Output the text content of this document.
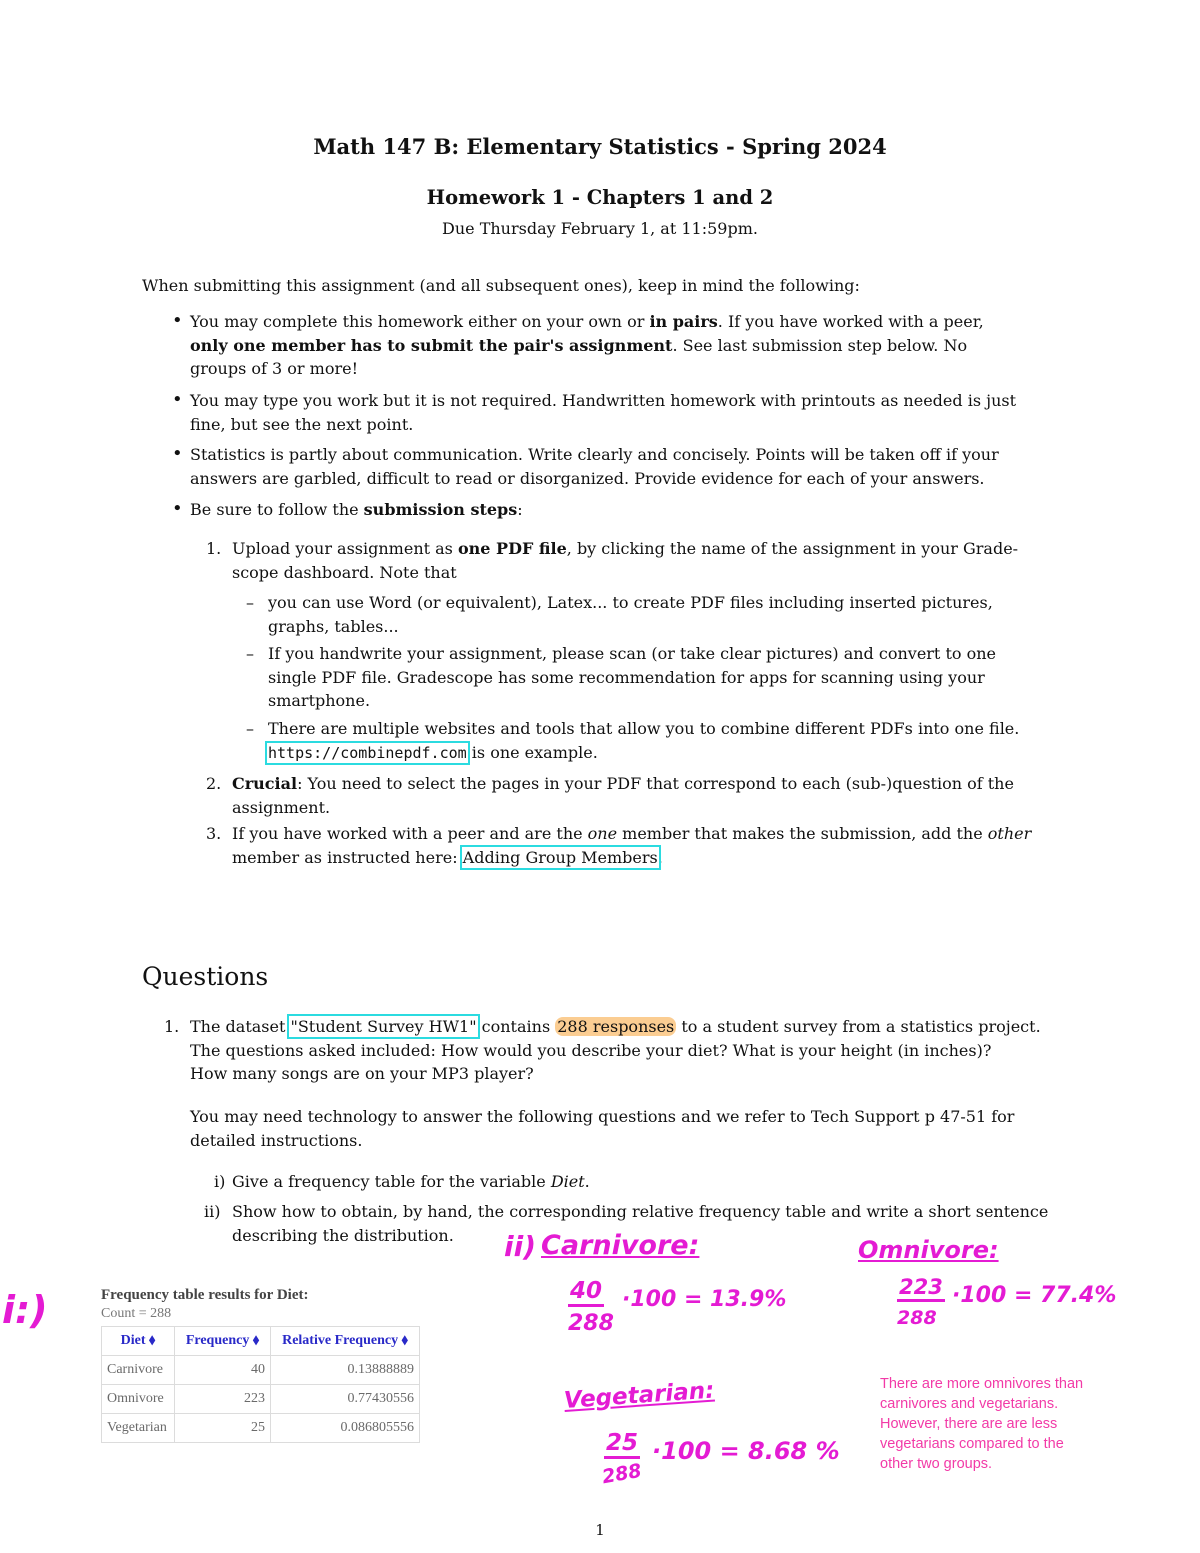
Math 147 B: Elementary Statistics - Spring 2024
Homework 1 - Chapters 1 and 2
Due Thursday February 1, at 11:59pm.
When submitting this assignment (and all subsequent ones), keep in mind the following:
• You may complete this homework either on your own or in pairs. If you have worked with a peer,
only one member has to submit the pair's assignment. See last submission step below. No
groups of 3 or more!
• You may type you work but it is not required. Handwritten homework with printouts as needed is just
fine, but see the next point.
• Statistics is partly about communication. Write clearly and concisely. Points will be taken off if your
answers are garbled, difficult to read or disorganized. Provide evidence for each of your answers.
• Be sure to follow the submission steps:
1. Upload your assignment as one PDF file, by clicking the name of the assignment in your Grade-
scope dashboard. Note that
– you can use Word (or equivalent), Latex... to create PDF files including inserted pictures,
graphs, tables...
– If you handwrite your assignment, please scan (or take clear pictures) and convert to one
single PDF file. Gradescope has some recommendation for apps for scanning using your
smartphone.
– There are multiple websites and tools that allow you to combine different PDFs into one file.
https://combinepdf.com is one example.
2. Crucial: You need to select the pages in your PDF that correspond to each (sub-)question of the
assignment.
3. If you have worked with a peer and are the one member that makes the submission, add the other
member as instructed here: Adding Group Members.
Questions
1. The dataset "Student Survey HW1" contains 288 responses to a student survey from a statistics project.
The questions asked included: How would you describe your diet? What is your height (in inches)?
How many songs are on your MP3 player?
You may need technology to answer the following questions and we refer to Tech Support p 47-51 for
detailed instructions.
i) Give a frequency table for the variable Diet.
ii) Show how to obtain, by hand, the corresponding relative frequency table and write a short sentence
describing the distribution.
Frequency table results for Diet:
Count = 288
Diet ⬧	Frequency ⬧	Relative Frequency ⬧
Carnivore	40	0.13888889
Omnivore	223	0.77430556
Vegetarian	25	0.086805556
i:)
ii) Carnivore:
40
288
·100 = 13.9%
Omnivore:
223
288
·100 = 77.4%
Vegetarian:
25
288
·100 = 8.68 %
There are more omnivores than
carnivores and vegetarians.
However, there are are less
vegetarians compared to the
other two groups.
1
